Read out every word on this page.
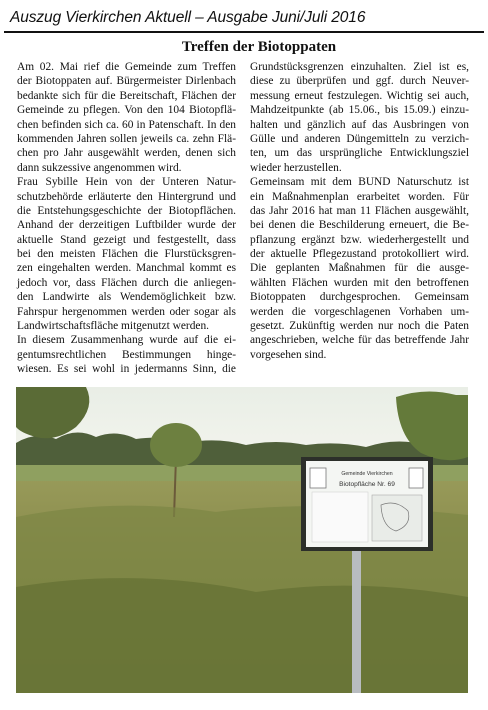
Auszug Vierkirchen Aktuell – Ausgabe Juni/Juli 2016
Treffen der Biotoppaten
Am 02. Mai rief die Gemeinde zum Treffen
der Biotoppaten auf. Bürgermeister Dirlenbach
bedankte sich für die Bereitschaft, Flächen der
Gemeinde zu pflegen. Von den 104 Biotopflä-
chen befinden sich ca. 60 in Patenschaft. In den
kommenden Jahren sollen jeweils ca. zehn Flä-
chen pro Jahr ausgewählt werden, denen sich
dann sukzessive angenommen wird.
Frau Sybille Hein von der Unteren Natur-
schutzbehörde erläuterte den Hintergrund und
die Entstehungsgeschichte der Biotopflächen.
Anhand der derzeitigen Luftbilder wurde der
aktuelle Stand gezeigt und festgestellt, dass
bei den meisten Flächen die Flurstücksgren-
zen eingehalten werden. Manchmal kommt es
jedoch vor, dass Flächen durch die anliegen-
den Landwirte als Wendemöglichkeit bzw.
Fahrspur hergenommen werden oder sogar als
Landwirtschaftsfläche mitgenutzt werden.
In diesem Zusammenhang wurde auf die ei-
gentumsrechtlichen Bestimmungen hinge-
wiesen. Es sei wohl in jedermanns Sinn, die
Grundstücksgrenzen einzuhalten. Ziel ist es,
diese zu überprüfen und ggf. durch Neuver-
messung erneut festzulegen. Wichtig sei auch,
Mahdzeitpunkte (ab 15.06., bis 15.09.) einzu-
halten und gänzlich auf das Ausbringen von
Gülle und anderen Düngemitteln zu verzich-
ten, um das ursprüngliche Entwicklungsziel
wieder herzustellen.
Gemeinsam mit dem BUND Naturschutz ist
ein Maßnahmenplan erarbeitet worden. Für
das Jahr 2016 hat man 11 Flächen ausgewählt,
bei denen die Beschilderung erneuert, die Be-
pflanzung ergänzt bzw. wiederhergestellt und
der aktuelle Pflegezustand protokolliert wird.
Die geplanten Maßnahmen für die ausge-
wählten Flächen wurden mit den betroffenen
Biotoppaten durchgesprochen. Gemeinsam
werden die vorgeschlagenen Vorhaben um-
gesetzt. Zukünftig werden nur noch die Paten
angeschrieben, welche für das betreffende Jahr
vorgesehen sind.
Gemeinde Vierkirchen
Biotopfläche Nr. 69
